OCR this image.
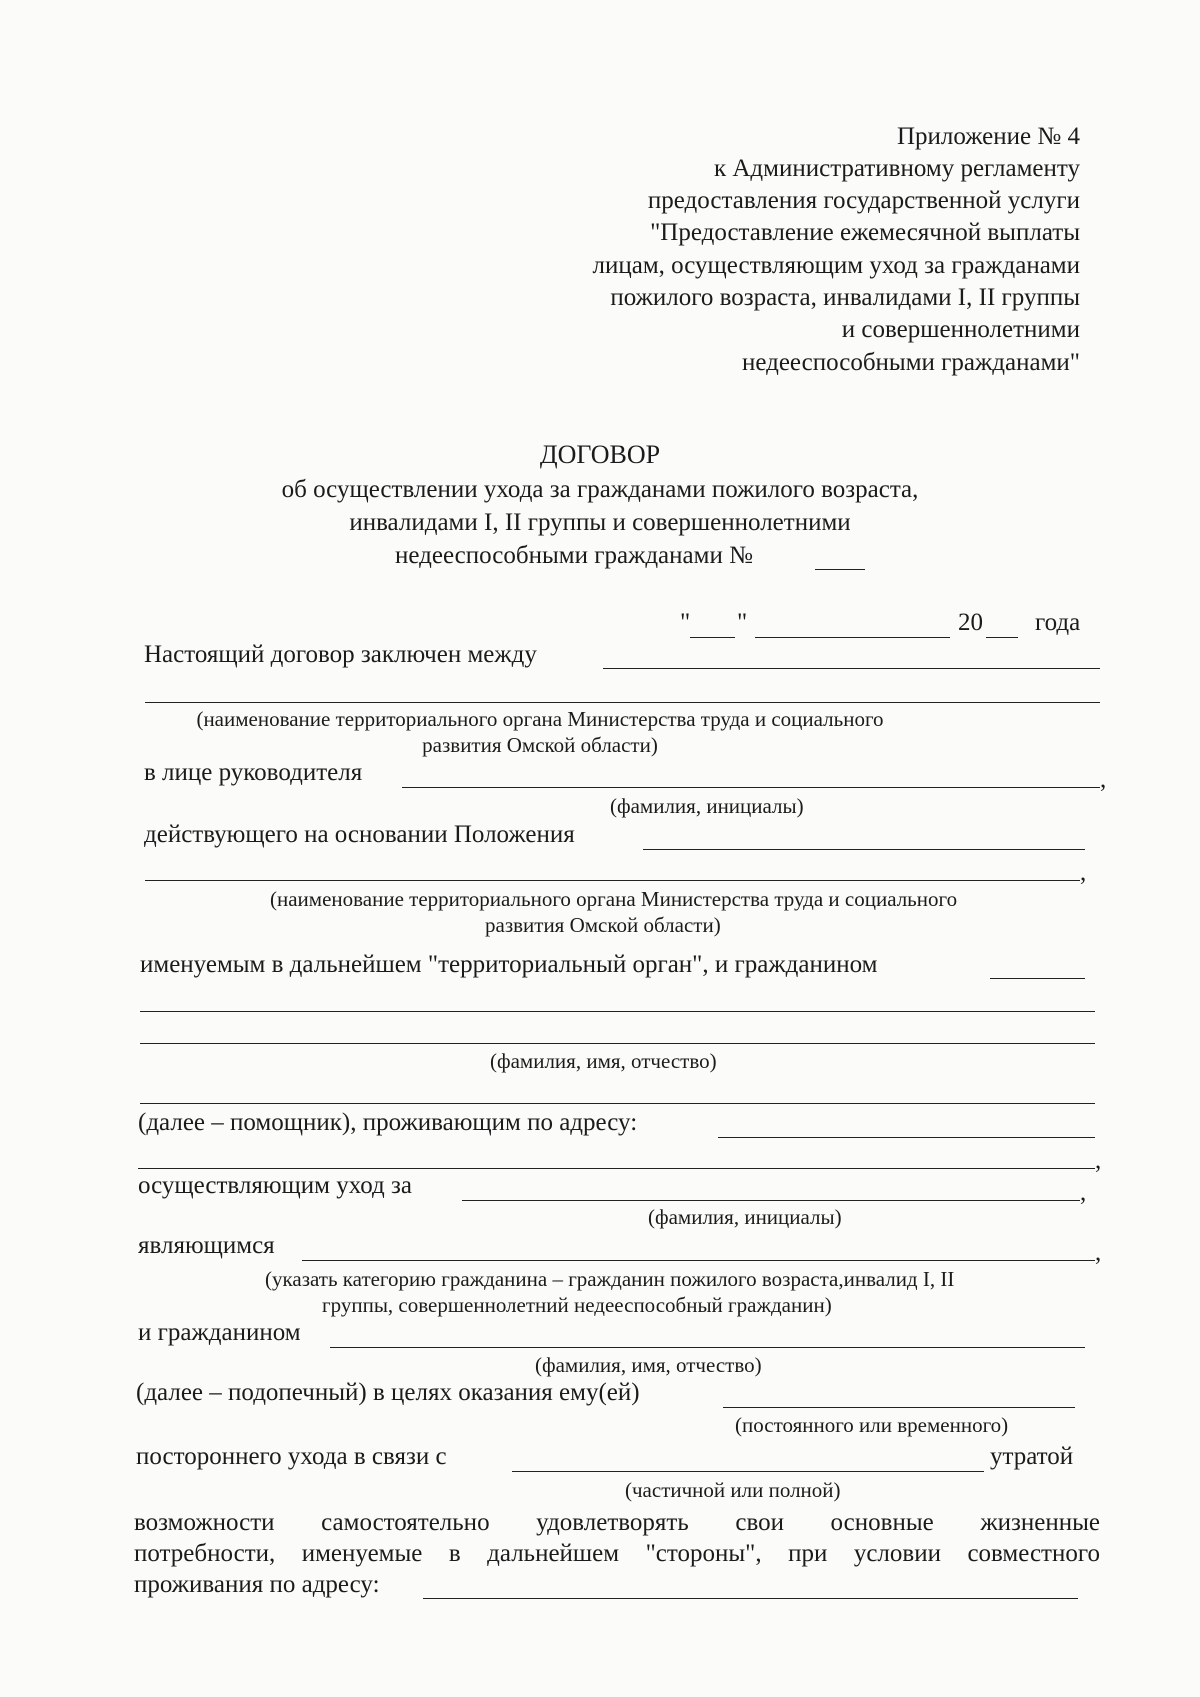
Приложение № 4
к Административному регламенту
предоставления государственной услуги
"Предоставление ежемесячной выплаты
лицам, осуществляющим уход за гражданами
пожилого возраста, инвалидами I, II группы
и совершеннолетними
недееспособными гражданами"
ДОГОВОР
об осуществлении ухода за гражданами пожилого возраста,
инвалидами I, II группы и совершеннолетними
недееспособными гражданами №
" "	20 года
Настоящий договор заключен между
(наименование территориального органа Министерства труда и социального
развития Омской области)
в лице руководителя	,
(фамилия, инициалы)
действующего на основании Положения
,
(наименование территориального органа Министерства труда и социального
развития Омской области)
именуемым в дальнейшем "территориальный орган", и гражданином
(фамилия, имя, отчество)
(далее – помощник), проживающим по адресу:
,
осуществляющим уход за	,
(фамилия, инициалы)
являющимся	,
(указать категорию гражданина – гражданин пожилого возраста,инвалид I, II
группы, совершеннолетний недееспособный гражданин)
и гражданином
(фамилия, имя, отчество)
(далее – подопечный) в целях оказания ему(ей)
(постоянного или временного)
постороннего ухода в связи с	утратой
(частичной или полной)
возможности самостоятельно удовлетворять свои основные жизненные
потребности, именуемые в дальнейшем "стороны", при условии совместного
проживания по адресу:
